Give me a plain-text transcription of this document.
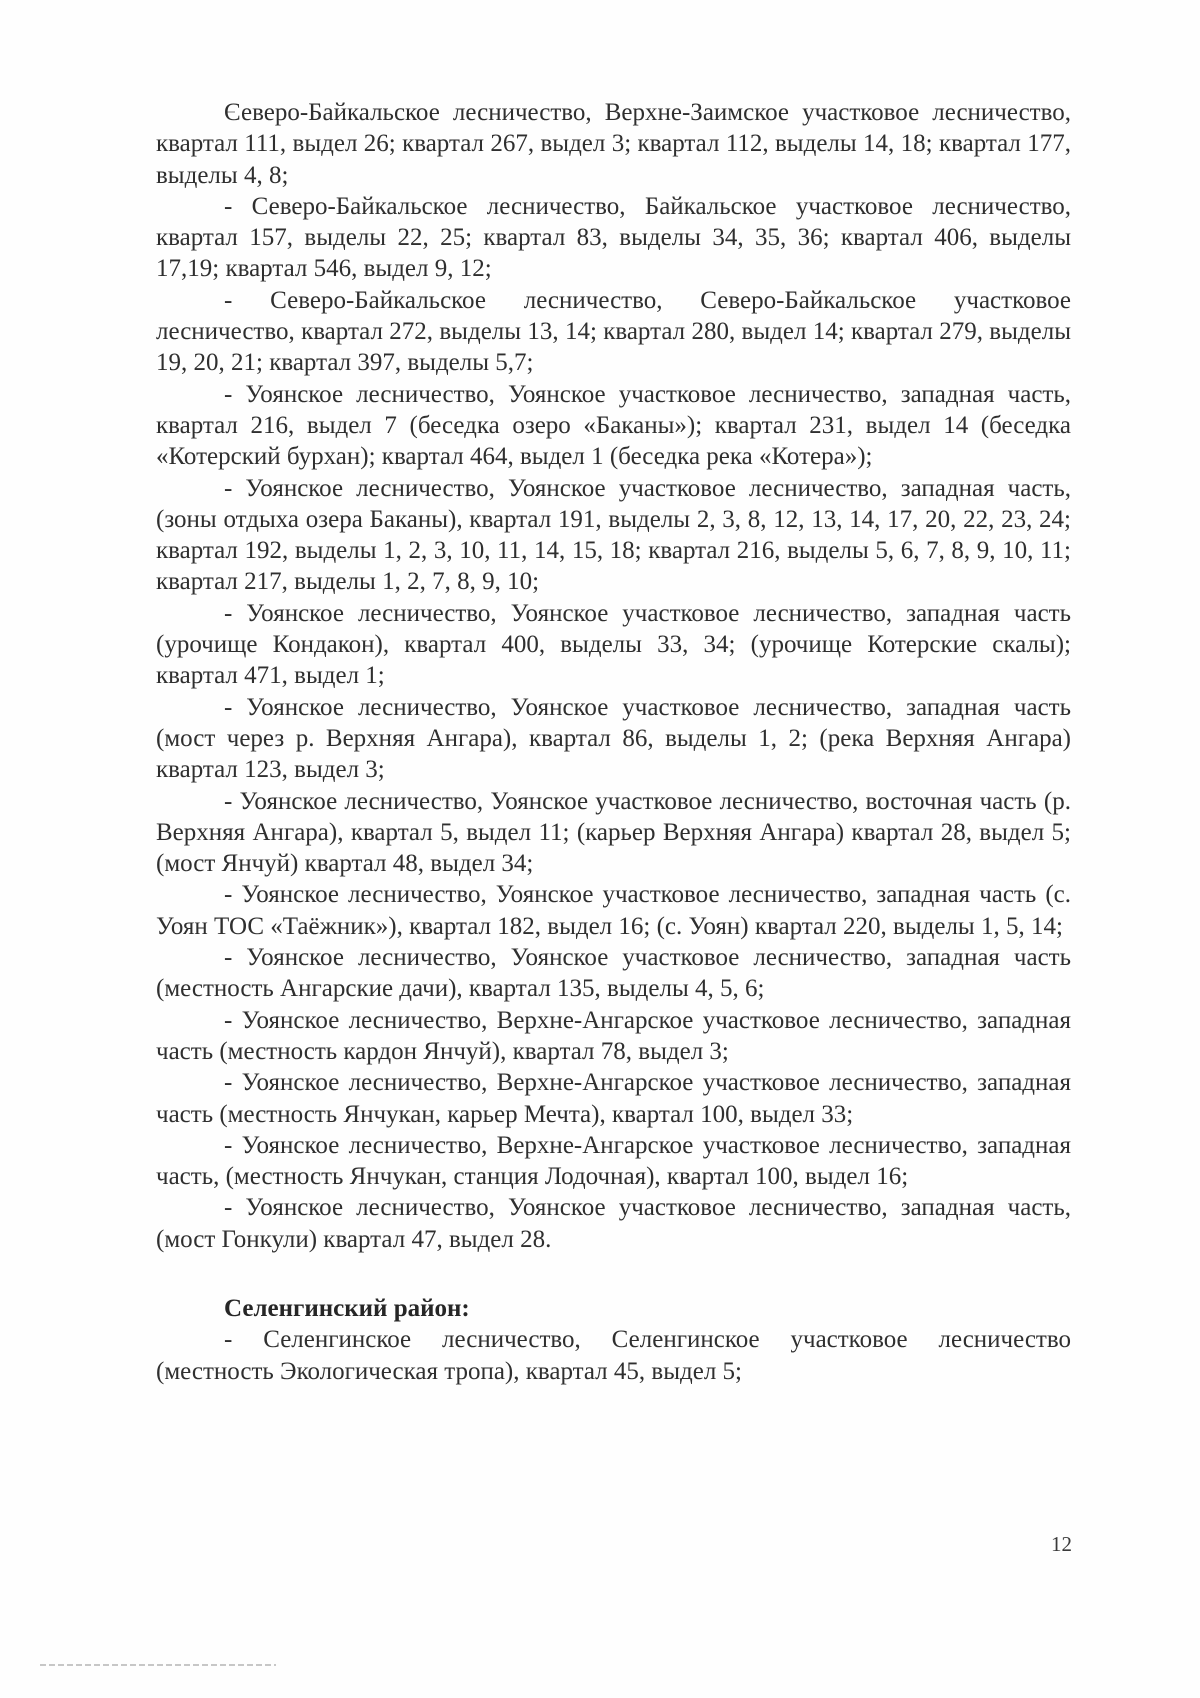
Северо-Байкальское лесничество, Верхне-Заимское участковое лесничество, квартал 111, выдел 26; квартал 267, выдел 3; квартал 112, выделы 14, 18; квартал 177, выделы 4, 8;

- Северо-Байкальское лесничество, Байкальское участковое лесничество, квартал 157, выделы 22, 25; квартал 83, выделы 34, 35, 36; квартал 406, выделы 17,19; квартал 546, выдел 9, 12;

- Северо-Байкальское лесничество, Северо-Байкальское участковое лесничество, квартал 272, выделы 13, 14; квартал 280, выдел 14; квартал 279, выделы 19, 20, 21; квартал 397, выделы 5,7;

- Уоянское лесничество, Уоянское участковое лесничество, западная часть, квартал 216, выдел 7 (беседка озеро «Баканы»); квартал 231, выдел 14 (беседка «Котерский бурхан); квартал 464, выдел 1 (беседка река «Котера»);

- Уоянское лесничество, Уоянское участковое лесничество, западная часть, (зоны отдыха озера Баканы), квартал 191, выделы 2, 3, 8, 12, 13, 14, 17, 20, 22, 23, 24; квартал 192, выделы 1, 2, 3, 10, 11, 14, 15, 18; квартал 216, выделы 5, 6, 7, 8, 9, 10, 11; квартал 217, выделы 1, 2, 7, 8, 9, 10;

- Уоянское лесничество, Уоянское участковое лесничество, западная часть (урочище Кондакон), квартал 400, выделы 33, 34; (урочище Котерские скалы); квартал 471, выдел 1;

- Уоянское лесничество, Уоянское участковое лесничество, западная часть (мост через р. Верхняя Ангара), квартал 86, выделы 1, 2; (река Верхняя Ангара) квартал 123, выдел 3;

- Уоянское лесничество, Уоянское участковое лесничество, восточная часть (р. Верхняя Ангара), квартал 5, выдел 11; (карьер Верхняя Ангара) квартал 28, выдел 5; (мост Янчуй) квартал 48, выдел 34;

- Уоянское лесничество, Уоянское участковое лесничество, западная часть (с. Уоян ТОС «Таёжник»), квартал 182, выдел 16; (с. Уоян) квартал 220, выделы 1, 5, 14;

- Уоянское лесничество, Уоянское участковое лесничество, западная часть (местность Ангарские дачи), квартал 135, выделы 4, 5, 6;

- Уоянское лесничество, Верхне-Ангарское участковое лесничество, западная часть (местность кардон Янчуй), квартал 78, выдел 3;

- Уоянское лесничество, Верхне-Ангарское участковое лесничество, западная часть (местность Янчукан, карьер Мечта), квартал 100, выдел 33;

- Уоянское лесничество, Верхне-Ангарское участковое лесничество, западная часть, (местность Янчукан, станция Лодочная), квартал 100, выдел 16;

- Уоянское лесничество, Уоянское участковое лесничество, западная часть, (мост Гонкули) квартал 47, выдел 28.

Селенгинский район:

- Селенгинское лесничество, Селенгинское участковое лесничество (местность Экологическая тропа), квартал 45, выдел 5;

12
